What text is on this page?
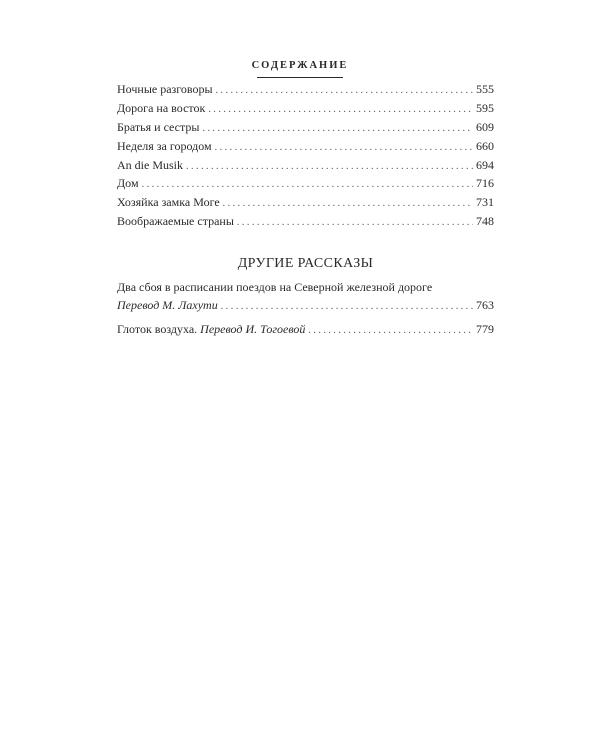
СОДЕРЖАНИЕ
Ночные разговоры . . .	555
Дорога на восток . . .	595
Братья и сестры . . .	609
Неделя за городом . . .	660
An die Musik . . .	694
Дом . . .	716
Хозяйка замка Моге . . .	731
Воображаемые страны . . .	748
ДРУГИЕ РАССКАЗЫ
Два сбоя в расписании поездов на Северной железной дороге
Перевод М. Лахути . . .	763
Глоток воздуха. Перевод И. Тогоевой . . .	779
